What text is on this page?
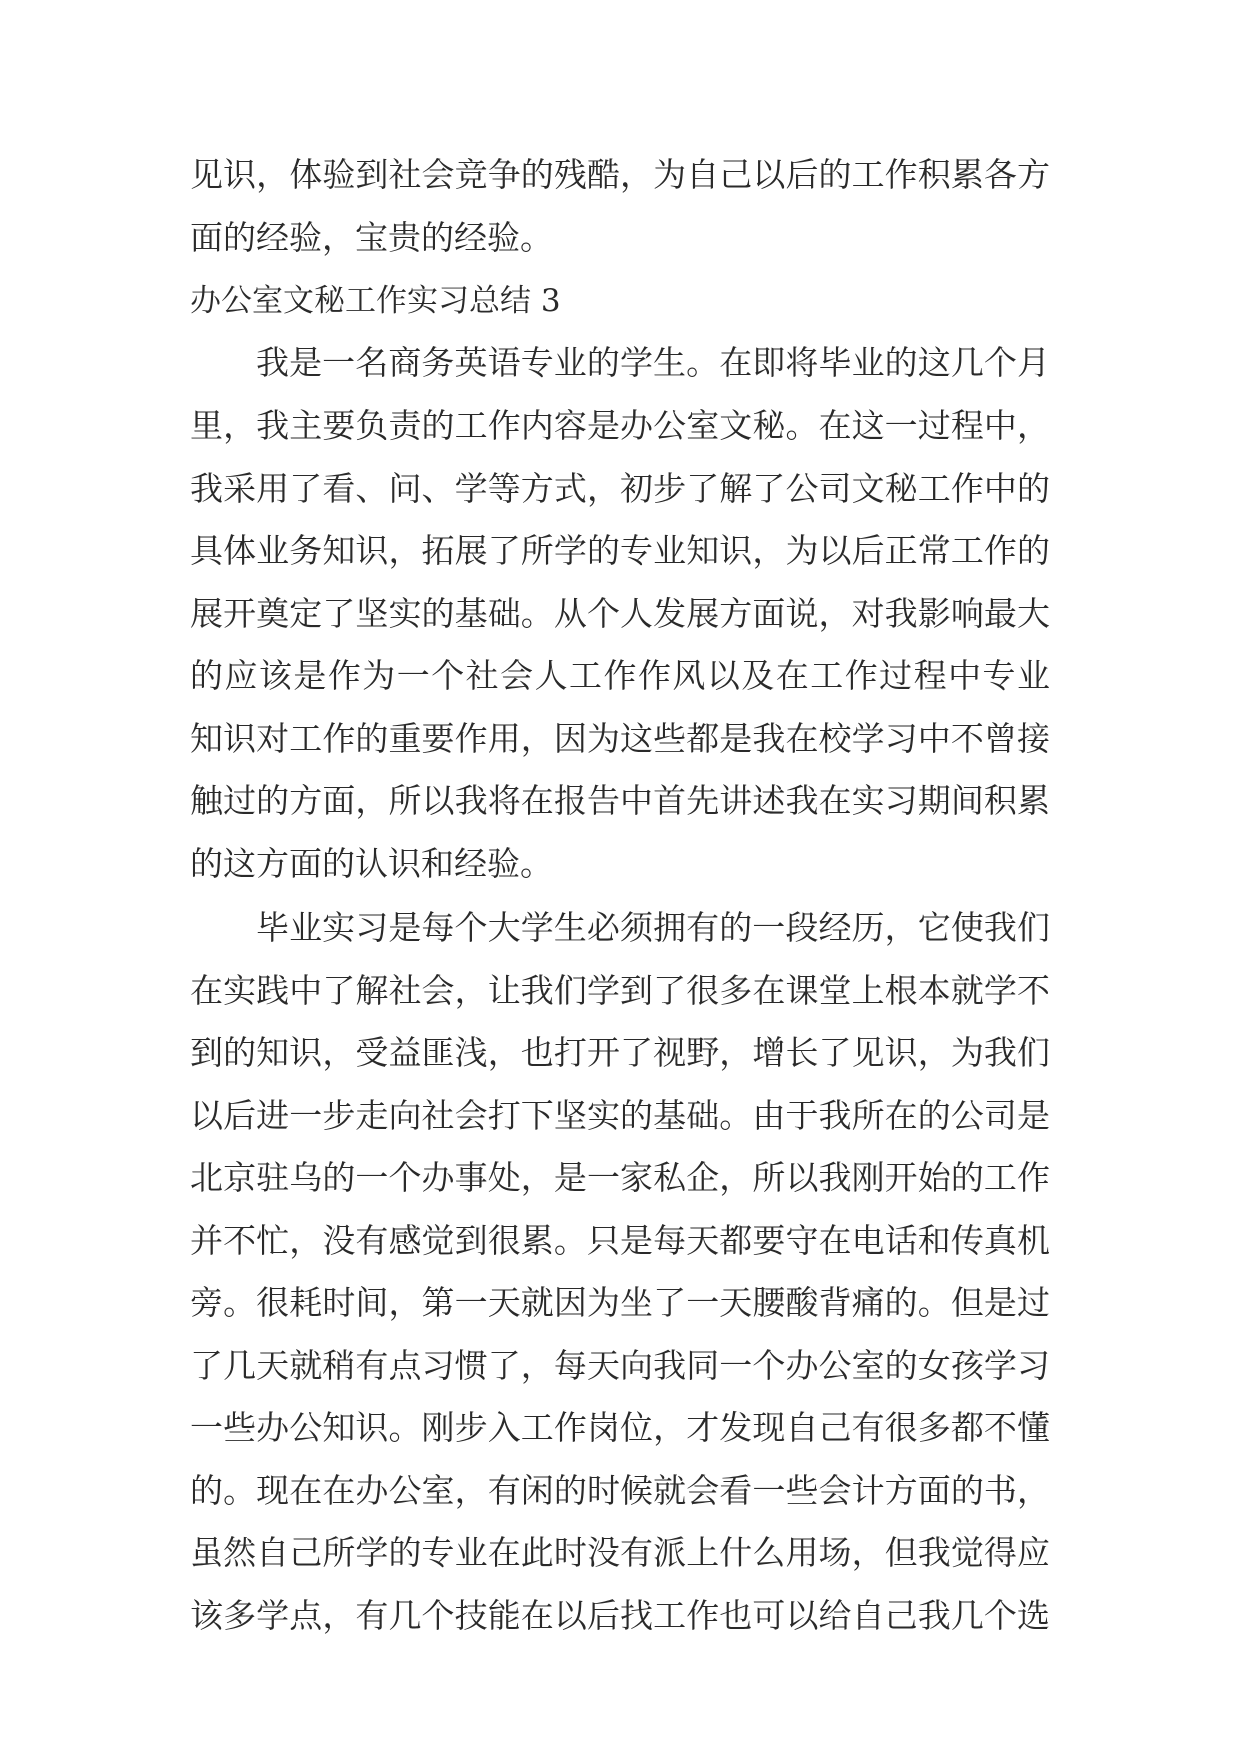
见识，体验到社会竞争的残酷，为自己以后的工作积累各方
面的经验，宝贵的经验。
办公室文秘工作实习总结 3
我是一名商务英语专业的学生。在即将毕业的这几个月
里，我主要负责的工作内容是办公室文秘。在这一过程中，
我采用了看、问、学等方式，初步了解了公司文秘工作中的
具体业务知识，拓展了所学的专业知识，为以后正常工作的
展开奠定了坚实的基础。从个人发展方面说，对我影响最大
的应该是作为一个社会人工作作风以及在工作过程中专业
知识对工作的重要作用，因为这些都是我在校学习中不曾接
触过的方面，所以我将在报告中首先讲述我在实习期间积累
的这方面的认识和经验。
毕业实习是每个大学生必须拥有的一段经历，它使我们
在实践中了解社会，让我们学到了很多在课堂上根本就学不
到的知识，受益匪浅，也打开了视野，增长了见识，为我们
以后进一步走向社会打下坚实的基础。由于我所在的公司是
北京驻乌的一个办事处，是一家私企，所以我刚开始的工作
并不忙，没有感觉到很累。只是每天都要守在电话和传真机
旁。很耗时间，第一天就因为坐了一天腰酸背痛的。但是过
了几天就稍有点习惯了，每天向我同一个办公室的女孩学习
一些办公知识。刚步入工作岗位，才发现自己有很多都不懂
的。现在在办公室，有闲的时候就会看一些会计方面的书，
虽然自己所学的专业在此时没有派上什么用场，但我觉得应
该多学点，有几个技能在以后找工作也可以给自己我几个选
